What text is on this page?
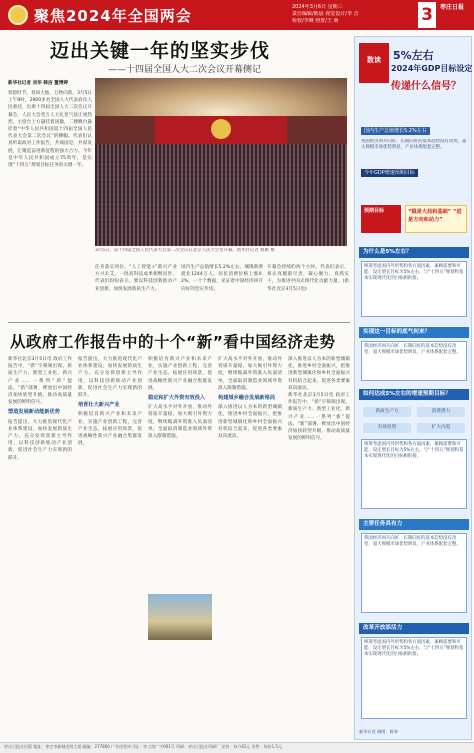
聚焦2024年全国两会	2024年3月6日 星期三
责任编辑/陈晨 视觉设计/李 音
检校/李琳 照排/王 萌	3	枣庄日报
迈出关键一年的坚实步伐
——十四届全国人大二次会议开幕侧记
新华社记者 刘华 韩洁 董博婷
惊蛰时节，春回大地，万物向新。3月5日上午9时，2900多名全国人大代表肩负人民重托，出席十四届全国人大二次会议开幕会。人民大会堂万人大礼堂气氛庄重热烈，主席台上方悬挂着国徽，二楼眺台悬挂着“中华人民共和国第十四届全国人民代表大会第二次会议”的横幅。代表们认真听取政府工作报告，共商国是、共谋发展，汇聚起奋进新征程的强大合力。今年是中华人民共和国成立75周年，是实现“十四五”规划目标任务的关键一年。
3月5日，第十四届全国人民代表大会第二次会议在北京人民大会堂开幕。新华社记者 燕雁 摄
任务落实到位。“人工智能+”新兴产业方兴未艾，一批高科技成果相继问世，代表们纷纷表示，要以科技创新推动产业创新，加快发展新质生产力。
国内生产总值增长5.2%左右，城镇新增就业1244万人，居民消费价格上涨0.2%。一个个数据，见证着中国经济回升向好的坚实步伐。
开幕会持续约两个小时。代表们表示，将认真履职尽责，凝心聚力、真抓实干，为推进中国式现代化贡献力量。(新华社北京3月5日电)
从政府工作报告中的十个“新”看中国经济走势
新华社北京3月5日电 政府工作报告中，“新”字频频出现。新质生产力、新型工业化、新兴产业……一系列“新”提法、“新”部署，释放出中国经济加快转型升级、推动高质量发展的鲜明信号。
塑造发展新动能新优势
报告提出，大力推进现代化产业体系建设，加快发展新质生产力。充分发挥创新主导作用，以科技创新推动产业创新，促进社会生产力实现新的跃升。
报告提出，大力推进现代化产业体系建设，加快发展新质生产力。充分发挥创新主导作用，以科技创新推动产业创新，促进社会生产力实现新的跃升。
培育壮大新兴产业
积极培育新兴产业和未来产业，实施产业创新工程，完善产业生态，拓展应用场景，促进战略性新兴产业融合集群发展。
积极培育新兴产业和未来产业，实施产业创新工程，完善产业生态，拓展应用场景，促进战略性新兴产业融合集群发展。
稳定和扩大外资有效投入
扩大高水平对外开放，推动外贸质升量稳，加大吸引外资力度，继续缩减外资准入负面清单，全面取消制造业领域外资准入限制措施。
扩大高水平对外开放，推动外贸质升量稳，加大吸引外资力度，继续缩减外资准入负面清单，全面取消制造业领域外资准入限制措施。
构建城乡融合发展新格局
深入推进以人为本的新型城镇化，推进乡村全面振兴，把推进新型城镇化和乡村全面振兴有机结合起来，促进各类要素双向流动。
深入推进以人为本的新型城镇化，推进乡村全面振兴，把推进新型城镇化和乡村全面振兴有机结合起来，促进各类要素双向流动。
新华社北京3月5日电 政府工作报告中，“新”字频频出现。新质生产力、新型工业化、新兴产业……一系列“新”提法、“新”部署，释放出中国经济加快转型升级、推动高质量发展的鲜明信号。
数读	5%左右
2024年GDP目标设定
传递什么信号？
国内生产总值增长5.2%左右
我国经济回升向好、长期向好的基本趋势没有改变，超大规模市场优势明显，产业体系配套完整。
今年GDP增速预期目标
预期目标	“稳是大局和基础” “进是方向和动力”
为什么是5%左右？
统筹考虑国内外形势和各方面因素，兼顾需要和可能，设定增长目标为5%左右，与“十四五”规划和基本实现现代化的目标相衔接。
实现这一目标的底气何来？
我国经济回升向好、长期向好的基本趋势没有改变，超大规模市场优势明显，产业体系配套完整。
如何达成5%左右的增速预期目标？
新质生产力	消费潜力
有效投资	扩大内需
统筹考虑国内外形势和各方面因素，兼顾需要和可能，设定增长目标为5%左右，与“十四五”规划和基本实现现代化的目标相衔接。
主要任务具有力
我国经济回升向好、长期向好的基本趋势没有改变，超大规模市场优势明显，产业体系配套完整。
改革开放添活力
统筹考虑国内外形势和各方面因素，兼顾需要和可能，设定增长目标为5%左右，与“十四五”规划和基本实现现代化的目标相衔接。
新华社发 制图：陈奉
枣庄日报社出版 地址：枣庄市新城光明大道 邮编：277800 广告经营许可证：枣工商广字001号 印刷：枣庄日报社印刷厂 定价：每月42元 零售：每份1.5元
